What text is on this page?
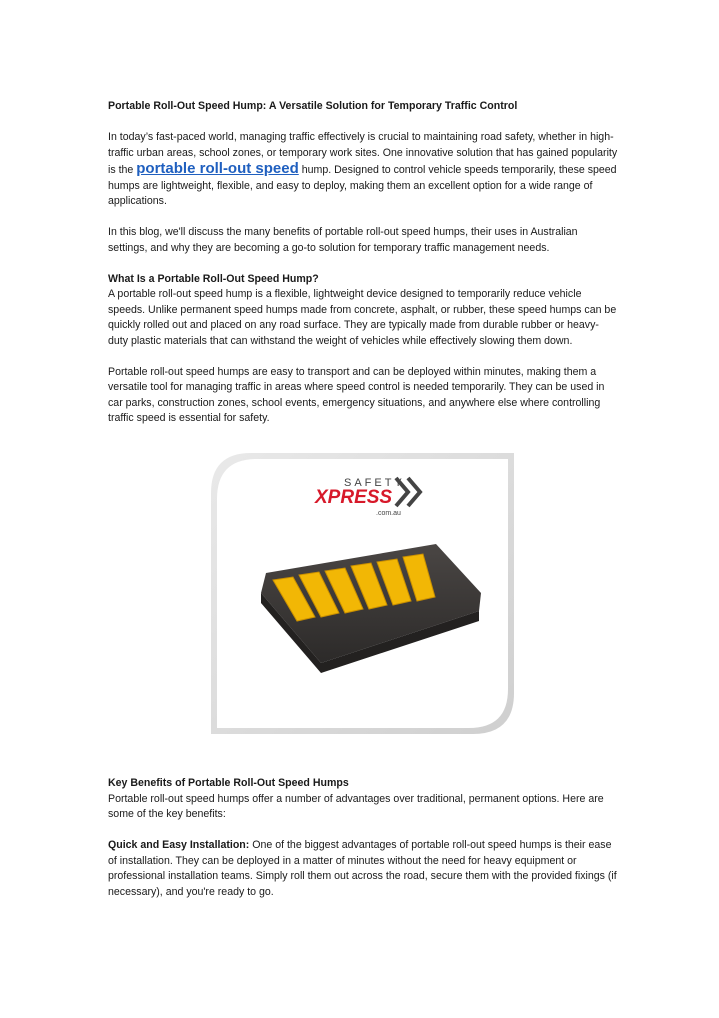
Portable Roll-Out Speed Hump: A Versatile Solution for Temporary Traffic Control

In today’s fast-paced world, managing traffic effectively is crucial to maintaining road safety, whether in high-traffic urban areas, school zones, or temporary work sites. One innovative solution that has gained popularity is the portable roll-out speed hump. Designed to control vehicle speeds temporarily, these speed humps are lightweight, flexible, and easy to deploy, making them an excellent option for a wide range of applications.

In this blog, we'll discuss the many benefits of portable roll-out speed humps, their uses in Australian settings, and why they are becoming a go-to solution for temporary traffic management needs.

What Is a Portable Roll-Out Speed Hump?

A portable roll-out speed hump is a flexible, lightweight device designed to temporarily reduce vehicle speeds. Unlike permanent speed humps made from concrete, asphalt, or rubber, these speed humps can be quickly rolled out and placed on any road surface. They are typically made from durable rubber or heavy-duty plastic materials that can withstand the weight of vehicles while effectively slowing them down.

Portable roll-out speed humps are easy to transport and can be deployed within minutes, making them a versatile tool for managing traffic in areas where speed control is needed temporarily. They can be used in car parks, construction zones, school events, emergency situations, and anywhere else where controlling traffic speed is essential for safety.

SAFETY
XPRESS
.com.au

Key Benefits of Portable Roll-Out Speed Humps

Portable roll-out speed humps offer a number of advantages over traditional, permanent options. Here are some of the key benefits:

Quick and Easy Installation: One of the biggest advantages of portable roll-out speed humps is their ease of installation. They can be deployed in a matter of minutes without the need for heavy equipment or professional installation teams. Simply roll them out across the road, secure them with the provided fixings (if necessary), and you're ready to go.
